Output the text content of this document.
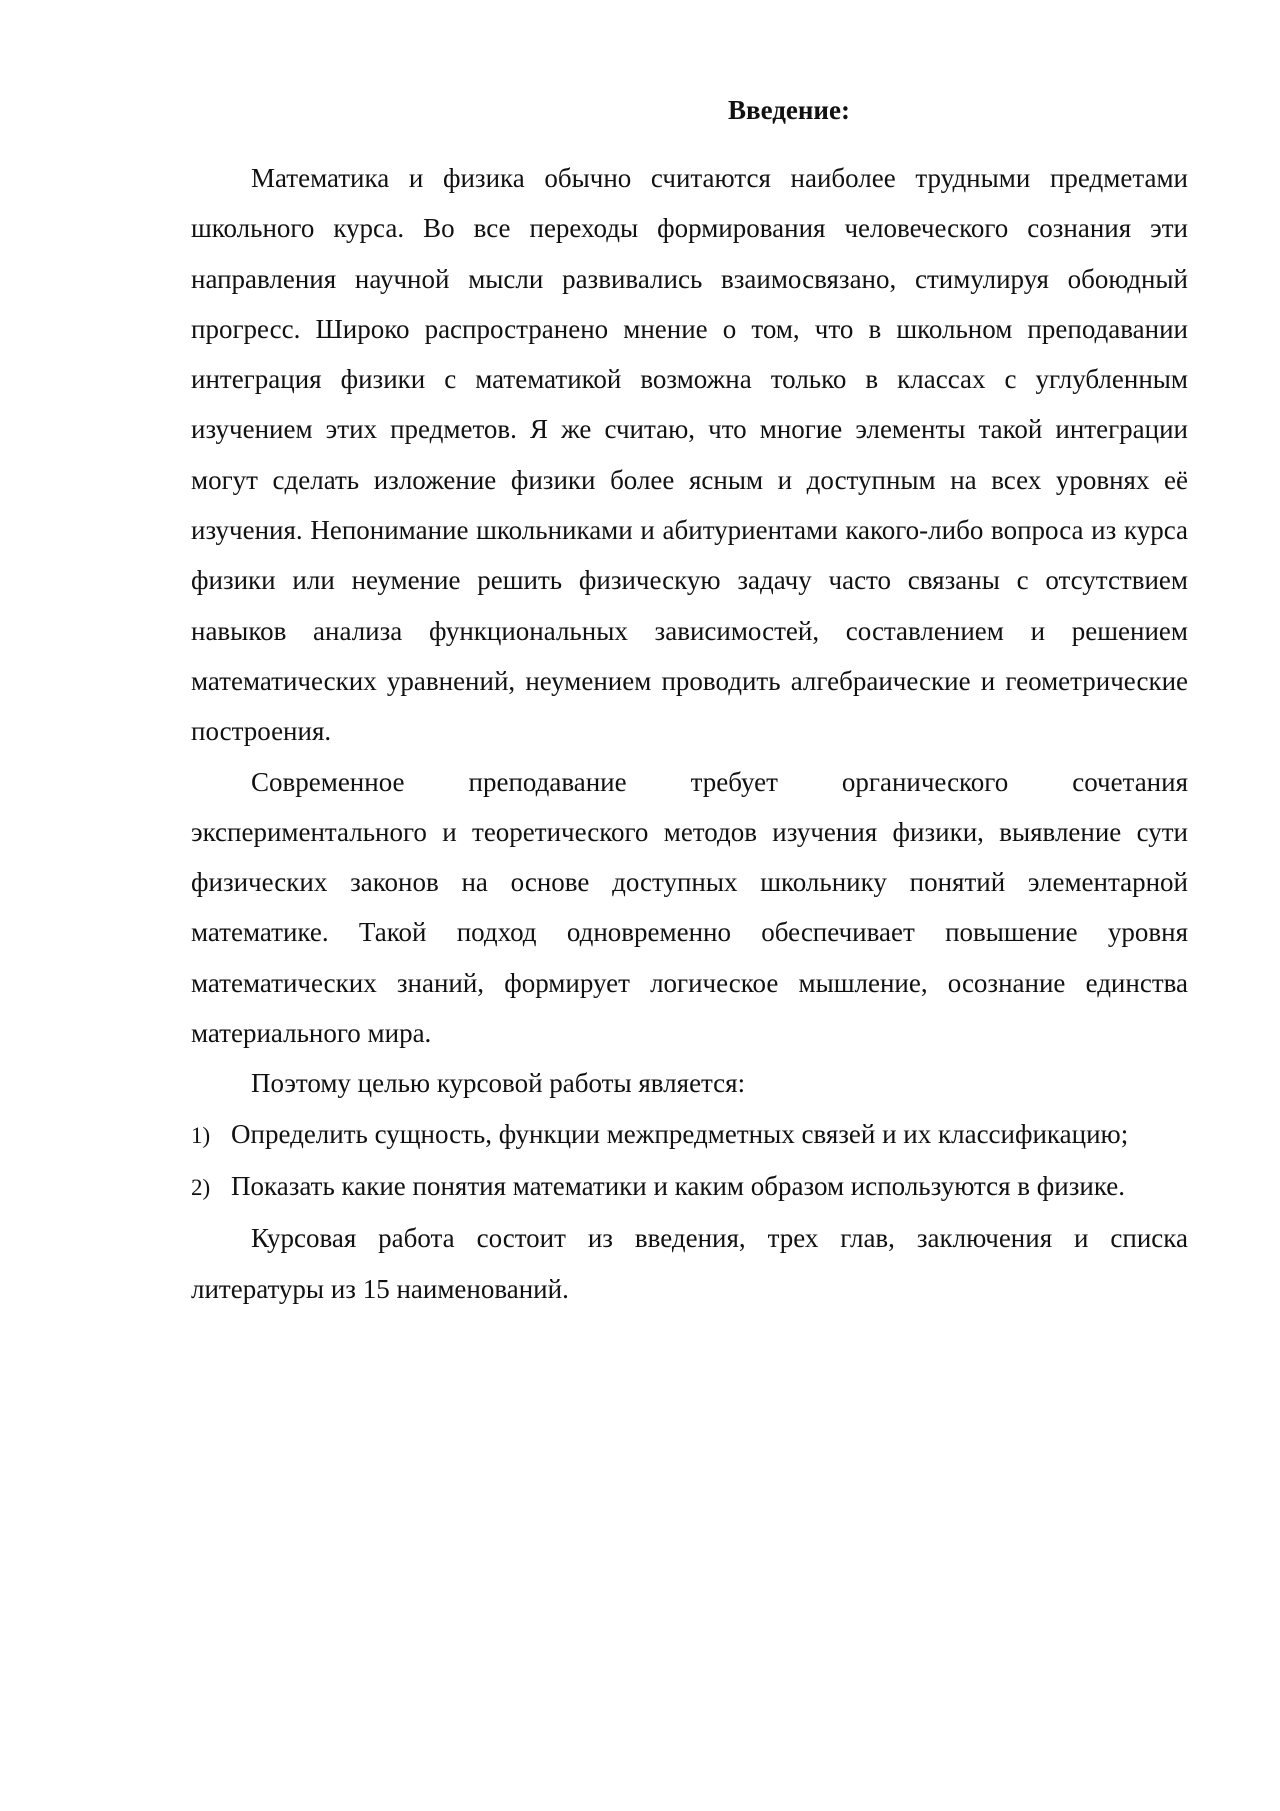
Введение:

Математика и физика обычно считаются наиболее трудными предметами школьного курса. Во все переходы формирования человеческого сознания эти направления научной мысли развивались взаимосвязано, стимулируя обоюдный прогресс. Широко распространено мнение о том, что в школьном преподавании интеграция физики с математикой возможна только в классах с углубленным изучением этих предметов. Я же считаю, что многие элементы такой интеграции могут сделать изложение физики более ясным и доступным на всех уровнях её изучения. Непонимание школьниками и абитуриентами какого-либо вопроса из курса физики или неумение решить физическую задачу часто связаны с отсутствием навыков анализа функциональных зависимостей, составлением и решением математических уравнений, неумением проводить алгебраические и геометрические построения.

Современное преподавание требует органического сочетания экспериментального и теоретического методов изучения физики, выявление сути физических законов на основе доступных школьнику понятий элементарной математике. Такой подход одновременно обеспечивает повышение уровня математических знаний, формирует логическое мышление, осознание единства материального мира.

Поэтому целью курсовой работы является:

1) Определить сущность, функции межпредметных связей и их классификацию;
2) Показать какие понятия математики и каким образом используются в физике.

Курсовая работа состоит из введения, трех глав, заключения и списка литературы из 15 наименований.
